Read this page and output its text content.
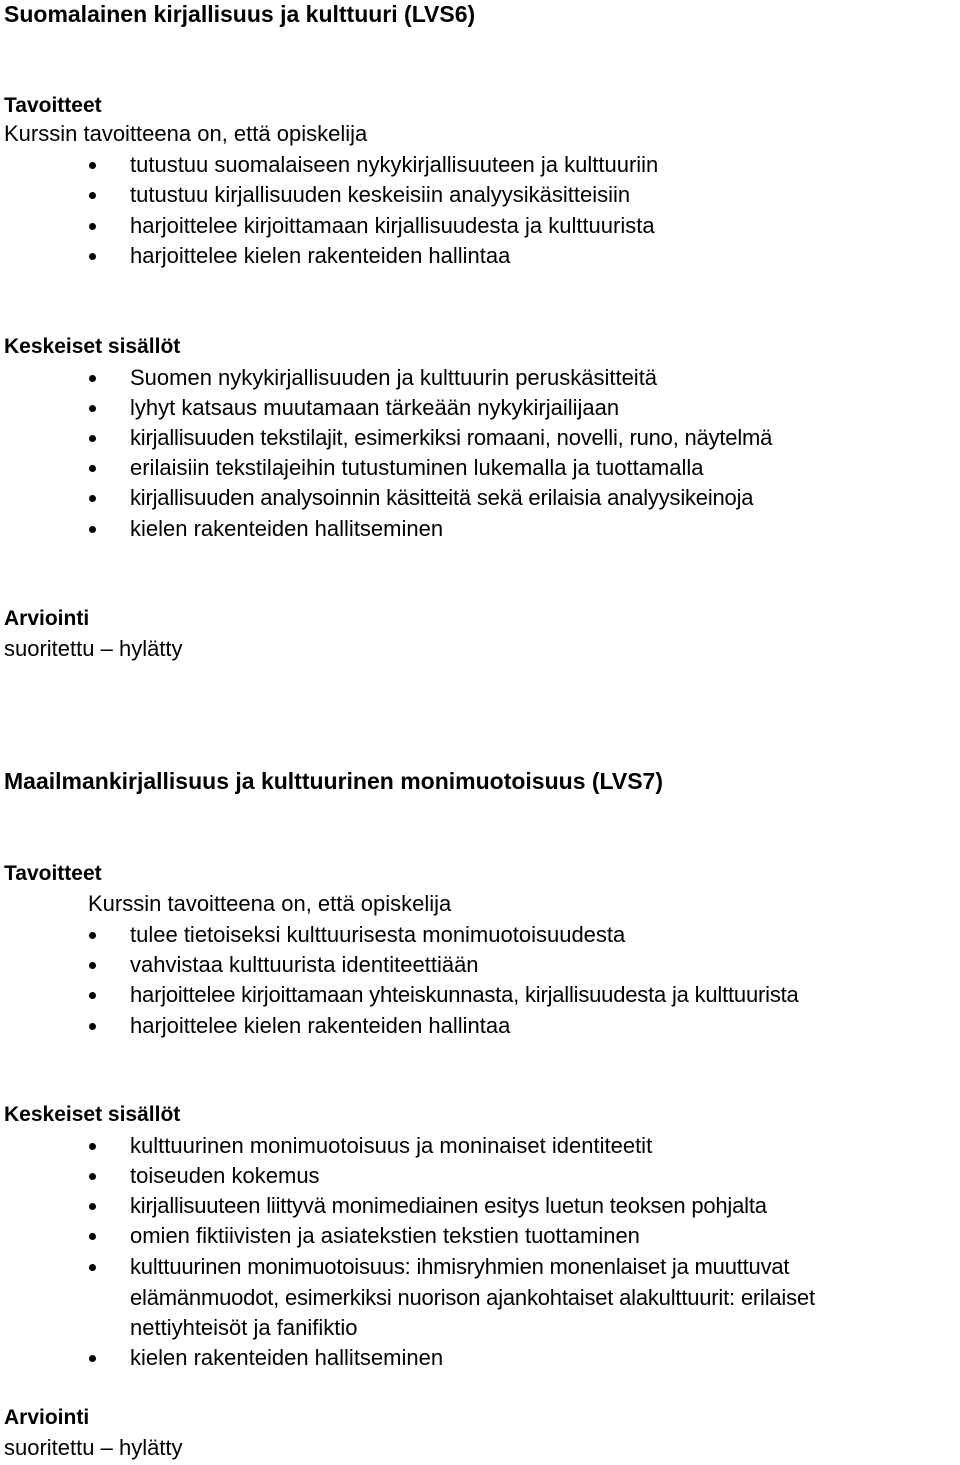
Suomalainen kirjallisuus ja kulttuuri (LVS6)
Tavoitteet
Kurssin tavoitteena on, että opiskelija
tutustuu suomalaiseen nykykirjallisuuteen ja kulttuuriin
tutustuu kirjallisuuden keskeisiin analyysikäsitteisiin
harjoittelee kirjoittamaan kirjallisuudesta ja kulttuurista
harjoittelee kielen rakenteiden hallintaa
Keskeiset sisällöt
Suomen nykykirjallisuuden ja kulttuurin peruskäsitteitä
lyhyt katsaus muutamaan tärkeään nykykirjailijaan
kirjallisuuden tekstilajit, esimerkiksi romaani, novelli, runo, näytelmä
erilaisiin tekstilajeihin tutustuminen lukemalla ja tuottamalla
kirjallisuuden analysoinnin käsitteitä sekä erilaisia analyysikeinoja
kielen rakenteiden hallitseminen
Arviointi
suoritettu – hylätty
Maailmankirjallisuus ja kulttuurinen monimuotoisuus (LVS7)
Tavoitteet
Kurssin tavoitteena on, että opiskelija
tulee tietoiseksi kulttuurisesta monimuotoisuudesta
vahvistaa kulttuurista identiteettiään
harjoittelee kirjoittamaan yhteiskunnasta, kirjallisuudesta ja kulttuurista
harjoittelee kielen rakenteiden hallintaa
Keskeiset sisällöt
kulttuurinen monimuotoisuus ja moninaiset identiteetit
toiseuden kokemus
kirjallisuuteen liittyvä monimediainen esitys luetun teoksen pohjalta
omien fiktiivisten ja asiatekstien tekstien tuottaminen
kulttuurinen monimuotoisuus: ihmisryhmien monenlaiset ja muuttuvat
elämänmuodot, esimerkiksi nuorison ajankohtaiset alakulttuurit: erilaiset
nettiyhteisöt ja fanifiktio
kielen rakenteiden hallitseminen
Arviointi
suoritettu – hylätty
